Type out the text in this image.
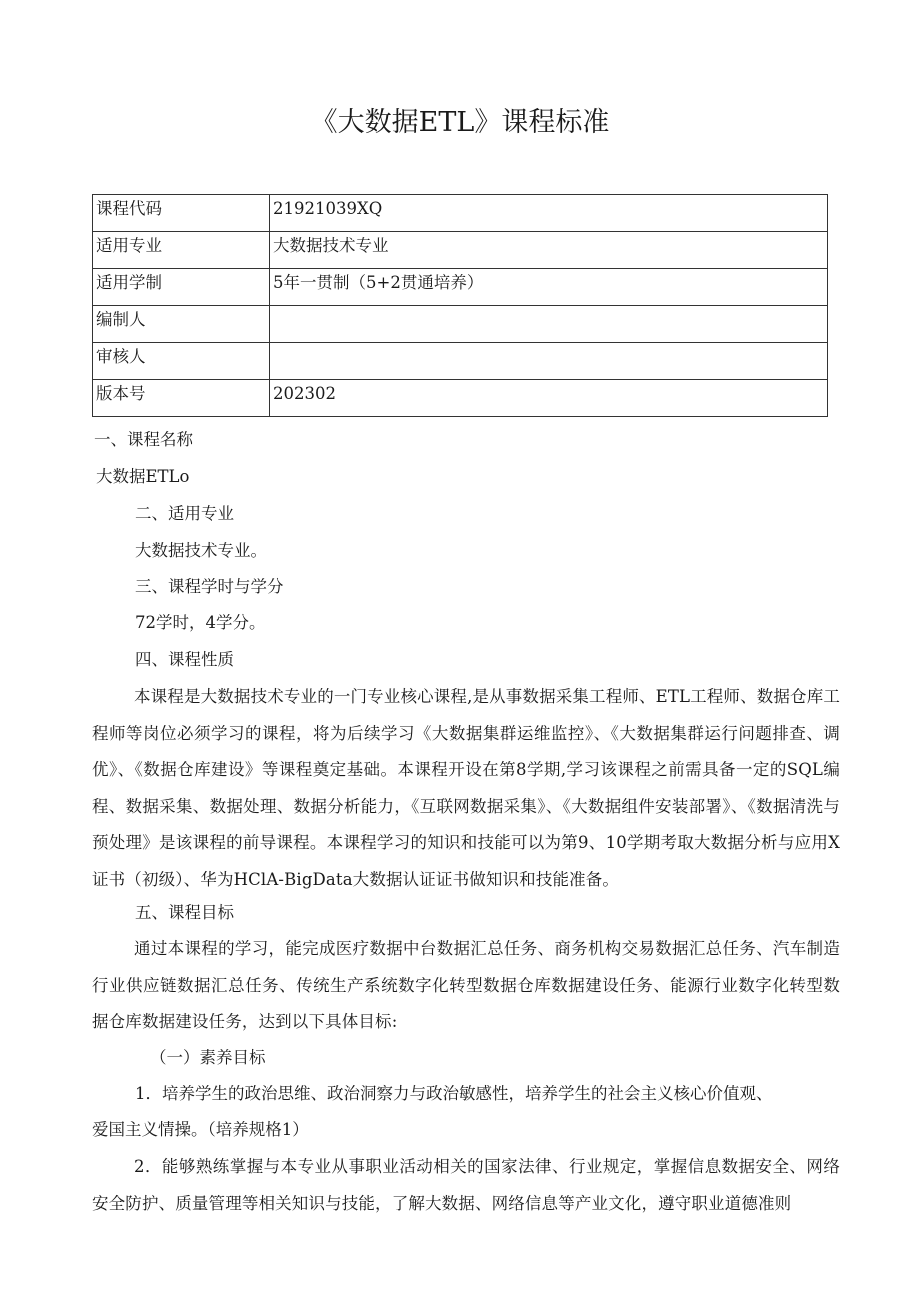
《大数据ETL》课程标准
课程代码	21921039XQ
适用专业	大数据技术专业
适用学制	5年一贯制（5+2贯通培养）
编制人	
审核人	
版本号	202302
一、课程名称
大数据ETLo
二、适用专业
大数据技术专业。
三、课程学时与学分
72学时，4学分。
四、课程性质

本课程是大数据技术专业的一门专业核心课程,是从事数据采集工程师、ETL工程师、数据仓库工程师等岗位必须学习的课程，将为后续学习《大数据集群运维监控》、《大数据集群运行问题排查、调优》、《数据仓库建设》等课程奠定基础。本课程开设在第8学期,学习该课程之前需具备一定的SQL编程、数据采集、数据处理、数据分析能力，《互联网数据采集》、《大数据组件安装部署》、《数据清洗与预处理》是该课程的前导课程。本课程学习的知识和技能可以为第9、10学期考取大数据分析与应用X证书（初级）、华为HClA-BigData大数据认证证书做知识和技能准备。

五、课程目标

通过本课程的学习，能完成医疗数据中台数据汇总任务、商务机构交易数据汇总任务、汽车制造行业供应链数据汇总任务、传统生产系统数字化转型数据仓库数据建设任务、能源行业数字化转型数据仓库数据建设任务，达到以下具体目标:

（一）素养目标
1．培养学生的政治思维、政治洞察力与政治敏感性，培养学生的社会主义核心价值观、
爱国主义情操。（培养规格1）

2．能够熟练掌握与本专业从事职业活动相关的国家法律、行业规定，掌握信息数据安全、网络安全防护、质量管理等相关知识与技能，了解大数据、网络信息等产业文化，遵守职业道德准则
